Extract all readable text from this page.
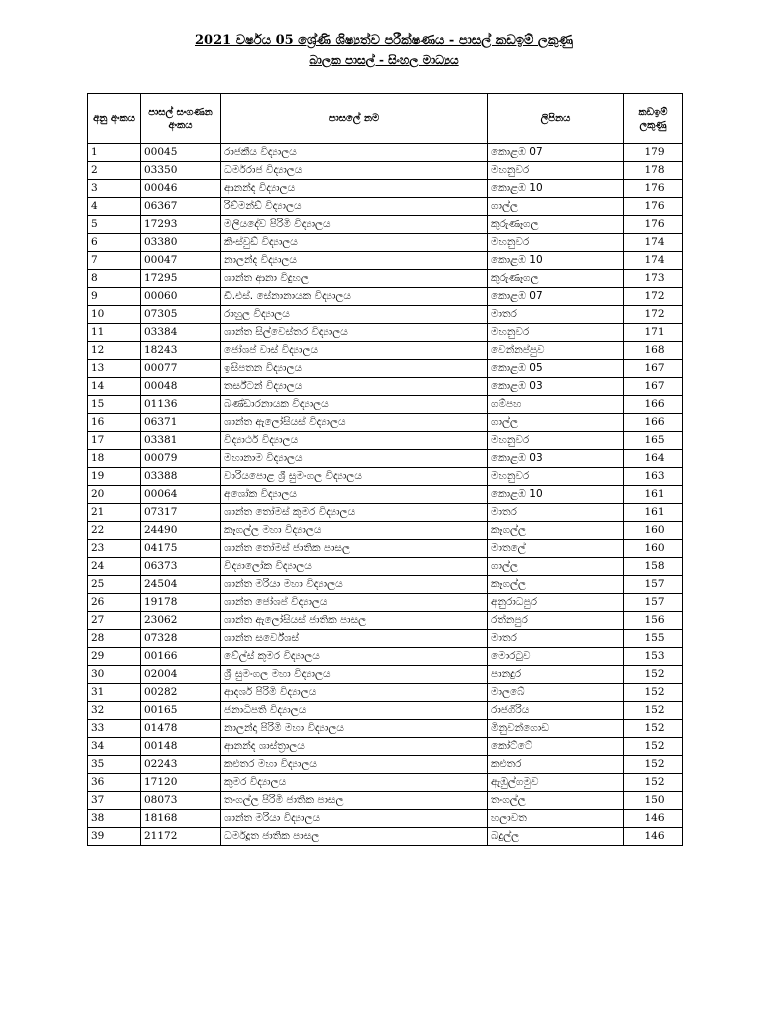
2021 වර්ෂය 05 ශ්‍රේණි ශිෂ්‍යත්ව පරීක්ෂණය - පාසල් කඩඉම් ලකුණු
බාලක පාසල් - සිංහල මාධ්‍යය
අනු අංකය	පාසල් සංගණන අංකය	පාසලේ නම	ලිපිනය	කඩඉම් ලකුණු
1	00045	රාජකීය විද්‍යාලය	කොළඹ 07	179
2	03350	ධර්මරාජ විද්‍යාලය	මහනුවර	178
3	00046	ආනන්ද විද්‍යාලය	කොළඹ 10	176
4	06367	රිච්මන්ඩ් විද්‍යාලය	ගාල්ල	176
5	17293	මලියදේව පිරිමි විද්‍යාලය	කුරුණෑගල	176
6	03380	කිංස්වුඩ් විද්‍යාලය	මහනුවර	174
7	00047	නාලන්ද විද්‍යාලය	කොළඹ 10	174
8	17295	ශාන්ත ආනා විදුහල	කුරුණෑගල	173
9	00060	ඩී.එස්. සේනානායක විද්‍යාලය	කොළඹ 07	172
10	07305	රාහුල විද්‍යාලය	මාතර	172
11	03384	ශාන්ත සිල්වෙස්තර විද්‍යාලය	මහනුවර	171
12	18243	ජෝශප් වාස් විද්‍යාලය	වෙන්නප්පුව	168
13	00077	ඉසිපතන විද්‍යාලය	කොළඹ 05	167
14	00048	තර්ස්ටන් විද්‍යාලය	කොළඹ 03	167
15	01136	බණ්ඩාරනායක විද්‍යාලය	ගම්පහ	166
16	06371	ශාන්ත ඇලෝසියස් විද්‍යාලය	ගාල්ල	166
17	03381	විද්‍යාර්ථ විද්‍යාලය	මහනුවර	165
18	00079	මහානාම විද්‍යාලය	කොළඹ 03	164
19	03388	වාරියපොළ ශ්‍රී සුමංගල විද්‍යාලය	මහනුවර	163
20	00064	අශෝක විද්‍යාලය	කොළඹ 10	161
21	07317	ශාන්ත තෝමස් කුමර විද්‍යාලය	මාතර	161
22	24490	කෑගල්ල මහා විද්‍යාලය	කෑගල්ල	160
23	04175	ශාන්ත තෝමස් ජාතික පාසල	මාතලේ	160
24	06373	විද්‍යාලෝක විද්‍යාලය	ගාල්ල	158
25	24504	ශාන්ත මරියා මහා විද්‍යාලය	කෑගල්ල	157
26	19178	ශාන්ත ජෝශප් විද්‍යාලය	අනුරාධපුර	157
27	23062	ශාන්ත ඇලෝසියස් ජාතික පාසල	රත්නපුර	156
28	07328	ශාන්ත සර්වේශස්	මාතර	155
29	00166	වේල්ස් කුමර විද්‍යාලය	මොරටුව	153
30	02004	ශ්‍රී සුමංගල මහා විද්‍යාලය	පානදුර	152
31	00282	ආදර්ශ පිරිමි විද්‍යාලය	මාලබේ	152
32	00165	ජනාධිපති විද්‍යාලය	රාජගිරිය	152
33	01478	නාලන්දා පිරිමි මහා විද්‍යාලය	මිනුවන්ගොඩ	152
34	00148	ආනන්ද ශාස්ත්‍රාලය	කෝට්ටේ	152
35	02243	කළුතර මහා විද්‍යාලය	කළුතර	152
36	17120	කුමර විද්‍යාලය	ඇඹුල්ගමුව	152
37	08073	තංගල්ල පිරිමි ජාතික පාසල	තංගල්ල	150
38	18168	ශාන්ත මරියා විද්‍යාලය	හලාවත	146
39	21172	ධර්මදූත ජාතික පාසල	බදුල්ල	146
